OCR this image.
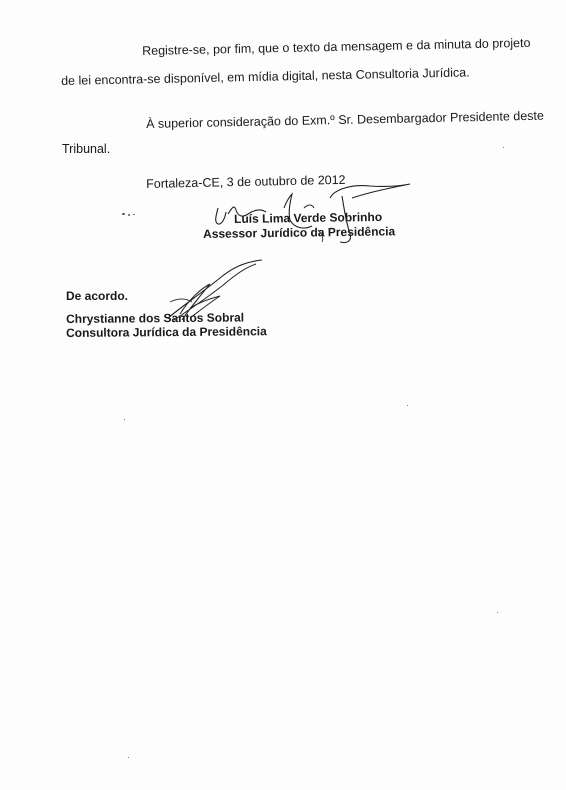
Registre-se, por fim, que o texto da mensagem e da minuta do projeto
de lei encontra-se disponível, em mídia digital, nesta Consultoria Jurídica.
À superior consideração do Exm.º Sr. Desembargador Presidente deste
Tribunal.
Fortaleza-CE, 3 de outubro de 2012
Luís Lima Verde Sobrinho
Assessor Jurídico da Presidência
De acordo.
Chrystianne dos Santos Sobral
Consultora Jurídica da Presidência
